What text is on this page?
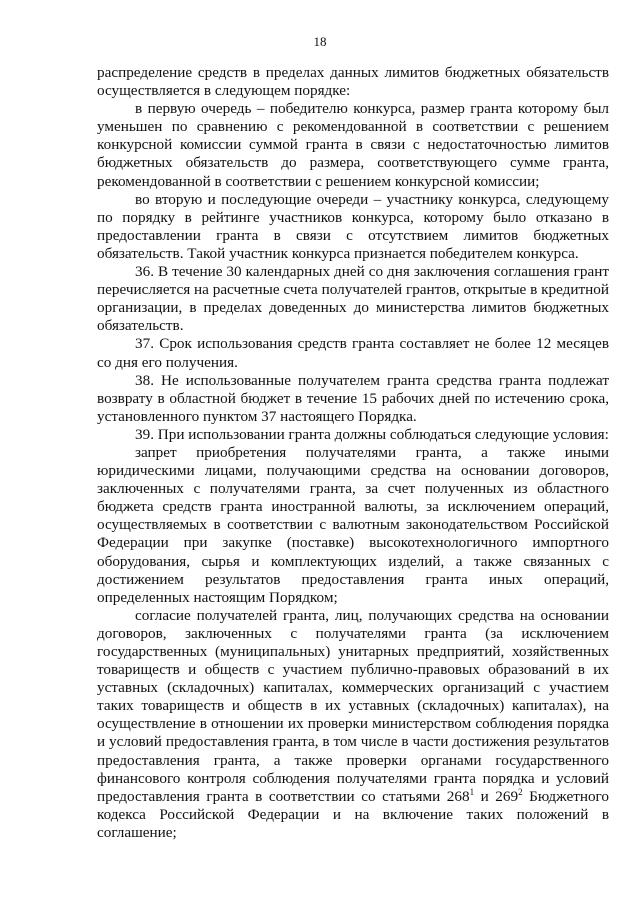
18

распределение средств в пределах данных лимитов бюджетных обязательств осуществляется в следующем порядке:

в первую очередь – победителю конкурса, размер гранта которому был уменьшен по сравнению с рекомендованной в соответствии с решением конкурсной комиссии суммой гранта в связи с недостаточностью лимитов бюджетных обязательств до размера, соответствующего сумме гранта, рекомендованной в соответствии с решением конкурсной комиссии;

во вторую и последующие очереди – участнику конкурса, следующему по порядку в рейтинге участников конкурса, которому было отказано в предоставлении гранта в связи с отсутствием лимитов бюджетных обязательств. Такой участник конкурса признается победителем конкурса.

36. В течение 30 календарных дней со дня заключения соглашения грант перечисляется на расчетные счета получателей грантов, открытые в кредитной организации, в пределах доведенных до министерства лимитов бюджетных обязательств.

37. Срок использования средств гранта составляет не более 12 месяцев со дня его получения.

38. Не использованные получателем гранта средства гранта подлежат возврату в областной бюджет в течение 15 рабочих дней по истечению срока, установленного пунктом 37 настоящего Порядка.

39. При использовании гранта должны соблюдаться следующие условия:

запрет приобретения получателями гранта, а также иными юридическими лицами, получающими средства на основании договоров, заключенных с получателями гранта, за счет полученных из областного бюджета средств гранта иностранной валюты, за исключением операций, осуществляемых в соответствии с валютным законодательством Российской Федерации при закупке (поставке) высокотехнологичного импортного оборудования, сырья и комплектующих изделий, а также связанных с достижением результатов предоставления гранта иных операций, определенных настоящим Порядком;

согласие получателей гранта, лиц, получающих средства на основании договоров, заключенных с получателями гранта (за исключением государственных (муниципальных) унитарных предприятий, хозяйственных товариществ и обществ с участием публично-правовых образований в их уставных (складочных) капиталах, коммерческих организаций с участием таких товариществ и обществ в их уставных (складочных) капиталах), на осуществление в отношении их проверки министерством соблюдения порядка и условий предоставления гранта, в том числе в части достижения результатов предоставления гранта, а также проверки органами государственного финансового контроля соблюдения получателями гранта порядка и условий предоставления гранта в соответствии со статьями $268^1$ и $269^2$ Бюджетного кодекса Российской Федерации и на включение таких положений в соглашение;
